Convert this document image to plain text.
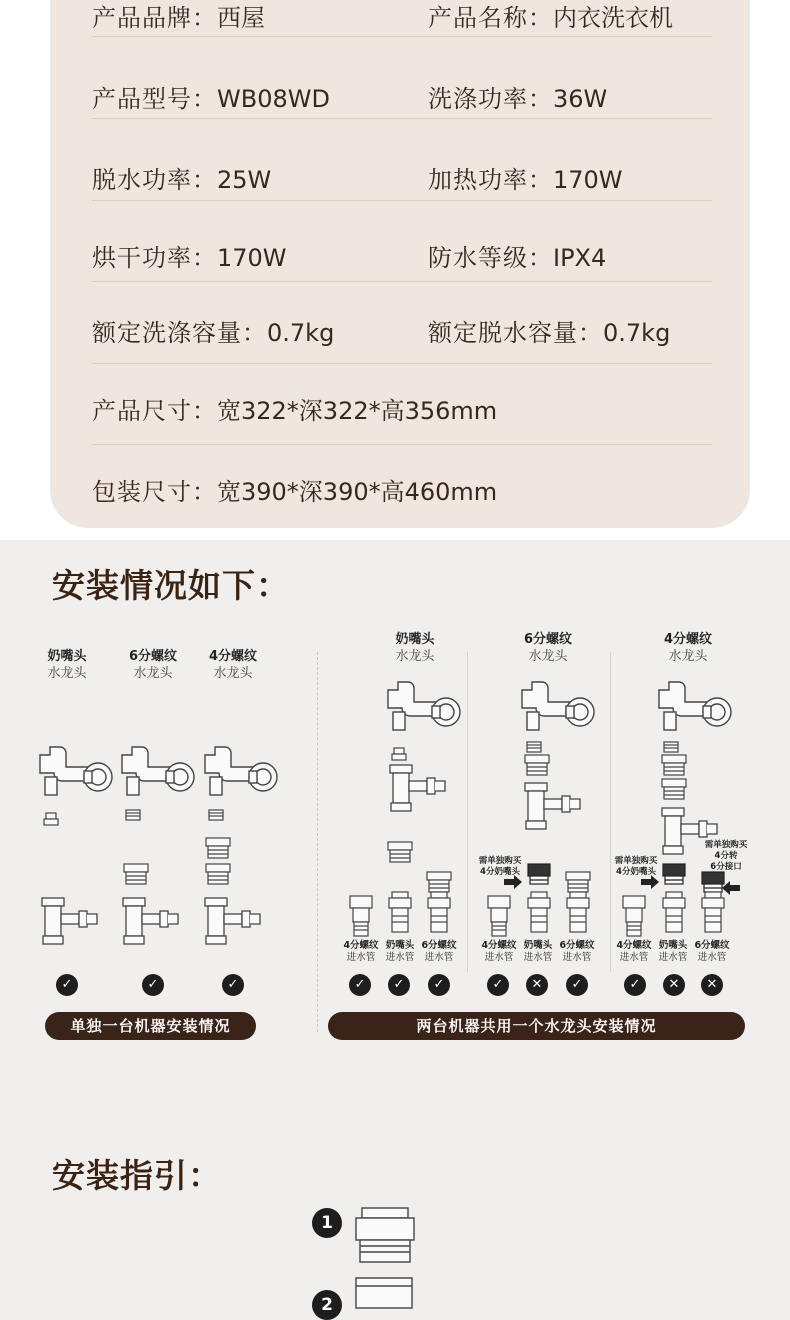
产品品牌：西屋	产品名称：内衣洗衣机
产品型号：WB08WD	洗涤功率：36W
脱水功率：25W	加热功率：170W
烘干功率：170W	防水等级：IPX4
额定洗涤容量：0.7kg	额定脱水容量：0.7kg
产品尺寸：宽322*深322*高356mm
包装尺寸：宽390*深390*高460mm
安装情况如下：
奶嘴头
水龙头
6分螺纹
水龙头
4分螺纹
水龙头
奶嘴头
水龙头
6分螺纹
水龙头
4分螺纹
水龙头
✓	✓	✓
4分螺纹
进水管
奶嘴头
进水管
6分螺纹
进水管
4分螺纹
进水管
奶嘴头
进水管
6分螺纹
进水管
4分螺纹
进水管
奶嘴头
进水管
6分螺纹
进水管
需单独购买
4分奶嘴头
需单独购买
4分奶嘴头
需单独购买
4分转
6分接口
✓	✓	✓	✓	✕	✓	✓	✕	✕
单独一台机器安装情况	两台机器共用一个水龙头安装情况
安装指引：
1
2
